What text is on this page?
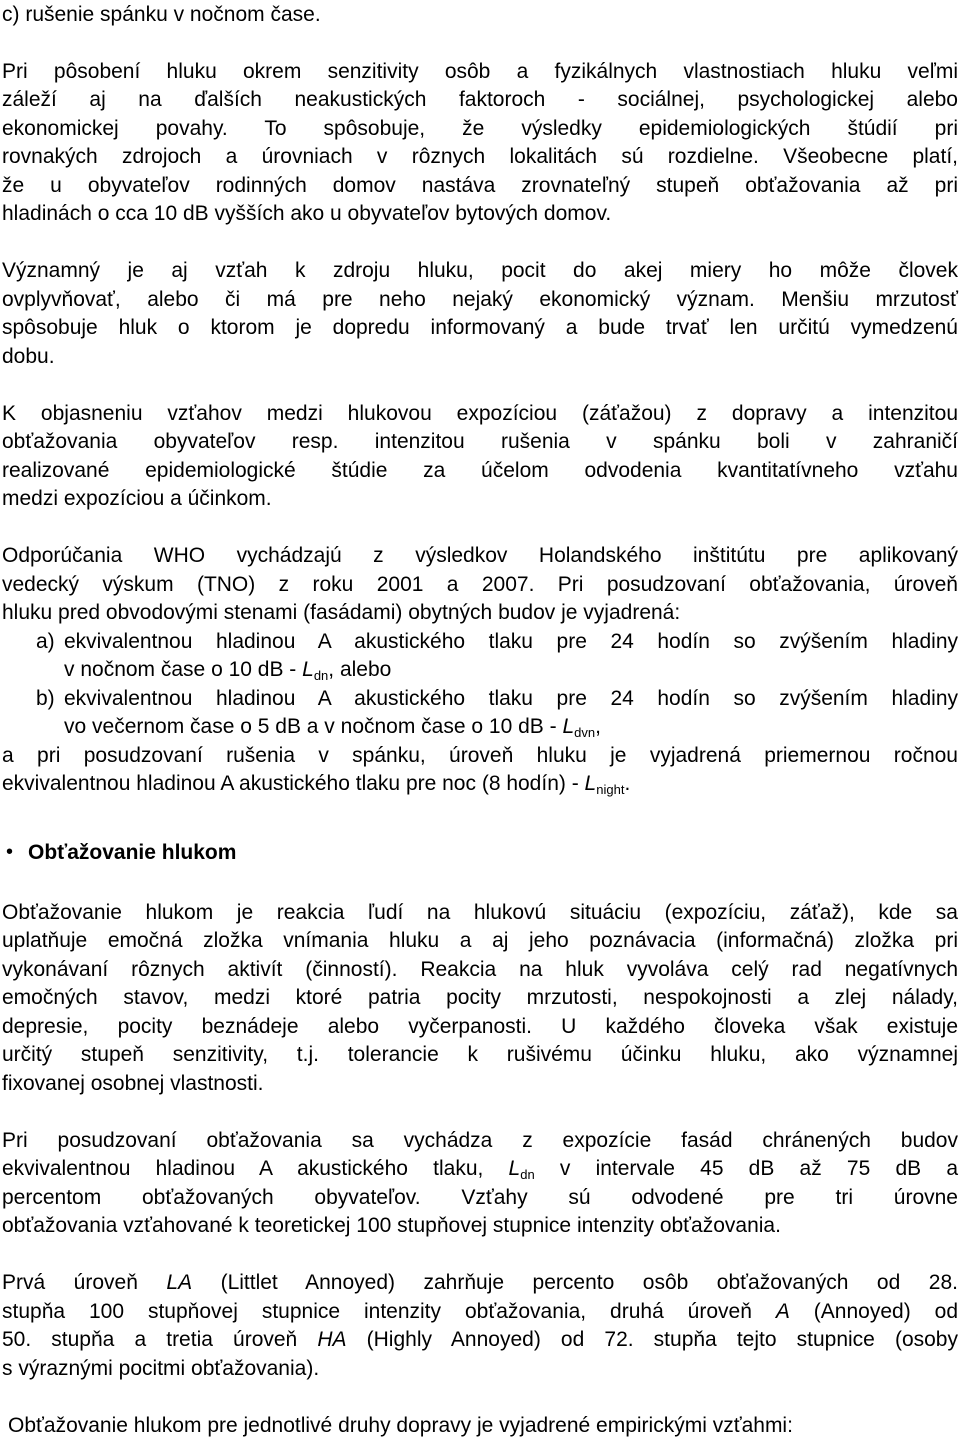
c) rušenie spánku v nočnom čase.
Pri pôsobení hluku okrem senzitivity osôb a fyzikálnych vlastnostiach hluku veľmi
záleží aj na ďalších neakustických faktoroch - sociálnej, psychologickej alebo
ekonomickej povahy. To spôsobuje, že výsledky epidemiologických štúdií pri
rovnakých zdrojoch a úrovniach v rôznych lokalitách sú rozdielne. Všeobecne platí,
že u obyvateľov rodinných domov nastáva zrovnateľný stupeň obťažovania až pri
hladinách o cca 10 dB vyšších ako u obyvateľov bytových domov.
Významný je aj vzťah k zdroju hluku, pocit do akej miery ho môže človek
ovplyvňovať, alebo či má pre neho nejaký ekonomický význam. Menšiu mrzutosť
spôsobuje hluk o ktorom je dopredu informovaný a bude trvať len určitú vymedzenú
dobu.
K objasneniu vzťahov medzi hlukovou expozíciou (záťažou) z dopravy a intenzitou
obťažovania obyvateľov resp. intenzitou rušenia v spánku boli v zahraničí
realizované epidemiologické štúdie za účelom odvodenia kvantitatívneho vzťahu
medzi expozíciou a účinkom.
Odporúčania WHO vychádzajú z výsledkov Holandského inštitútu pre aplikovaný
vedecký výskum (TNO) z roku 2001 a 2007. Pri posudzovaní obťažovania, úroveň
hluku pred obvodovými stenami (fasádami) obytných budov je vyjadrená:
a) ekvivalentnou hladinou A akustického tlaku pre 24 hodín so zvýšením hladiny
v nočnom čase o 10 dB - $L_{dn}$, alebo
b) ekvivalentnou hladinou A akustického tlaku pre 24 hodín so zvýšením hladiny
vo večernom čase o 5 dB a v nočnom čase o 10 dB - $L_{dvn}$,
a pri posudzovaní rušenia v spánku, úroveň hluku je vyjadrená priemernou ročnou
ekvivalentnou hladinou A akustického tlaku pre noc (8 hodín) - $L_{night}$.
• Obťažovanie hlukom
Obťažovanie hlukom je reakcia ľudí na hlukovú situáciu (expozíciu, záťaž), kde sa
uplatňuje emočná zložka vnímania hluku a aj jeho poznávacia (informačná) zložka pri
vykonávaní rôznych aktivít (činností). Reakcia na hluk vyvoláva celý rad negatívnych
emočných stavov, medzi ktoré patria pocity mrzutosti, nespokojnosti a zlej nálady,
depresie, pocity beznádeje alebo vyčerpanosti. U každého človeka však existuje
určitý stupeň senzitivity, t.j. tolerancie k rušivému účinku hluku, ako významnej
fixovanej osobnej vlastnosti.
Pri posudzovaní obťažovania sa vychádza z expozície fasád chránených budov
ekvivalentnou hladinou A akustického tlaku, $L_{dn}$ v intervale 45 dB až 75 dB a
percentom obťažovaných obyvateľov. Vzťahy sú odvodené pre tri úrovne
obťažovania vzťahované k teoretickej 100 stupňovej stupnice intenzity obťažovania.
Prvá úroveň LA (Littlet Annoyed) zahrňuje percento osôb obťažovaných od 28.
stupňa 100 stupňovej stupnice intenzity obťažovania, druhá úroveň A (Annoyed) od
50. stupňa a tretia úroveň HA (Highly Annoyed) od 72. stupňa tejto stupnice (osoby
s výraznými pocitmi obťažovania).
Obťažovanie hlukom pre jednotlivé druhy dopravy je vyjadrené empirickými vzťahmi:
